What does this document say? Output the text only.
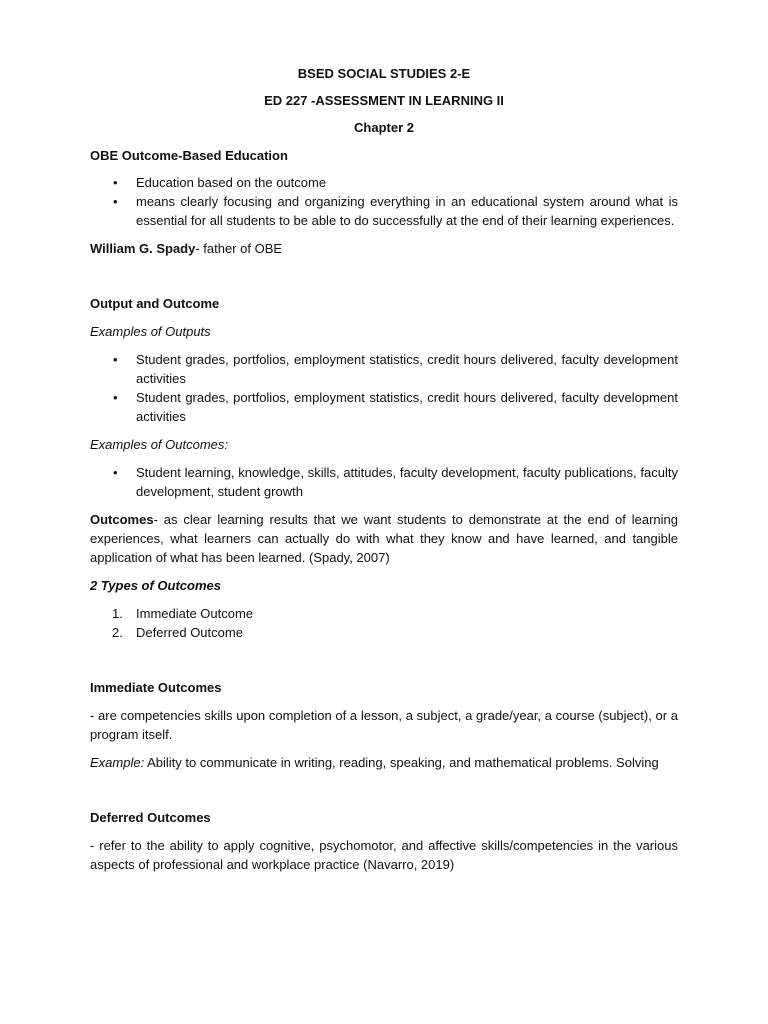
BSED SOCIAL STUDIES 2-E

ED 227 -ASSESSMENT IN LEARNING II

Chapter 2

OBE Outcome-Based Education

• Education based on the outcome
• means clearly focusing and organizing everything in an educational system around what is essential for all students to be able to do successfully at the end of their learning experiences.

William G. Spady- father of OBE

Output and Outcome

Examples of Outputs

• Student grades, portfolios, employment statistics, credit hours delivered, faculty development activities
• Student grades, portfolios, employment statistics, credit hours delivered, faculty development activities

Examples of Outcomes:

• Student learning, knowledge, skills, attitudes, faculty development, faculty publications, faculty development, student growth

Outcomes- as clear learning results that we want students to demonstrate at the end of learning experiences, what learners can actually do with what they know and have learned, and tangible application of what has been learned. (Spady, 2007)

2 Types of Outcomes

1. Immediate Outcome
2. Deferred Outcome

Immediate Outcomes

- are competencies skills upon completion of a lesson, a subject, a grade/year, a course (subject), or a program itself.

Example: Ability to communicate in writing, reading, speaking, and mathematical problems. Solving

Deferred Outcomes

- refer to the ability to apply cognitive, psychomotor, and affective skills/competencies in the various aspects of professional and workplace practice (Navarro, 2019)
